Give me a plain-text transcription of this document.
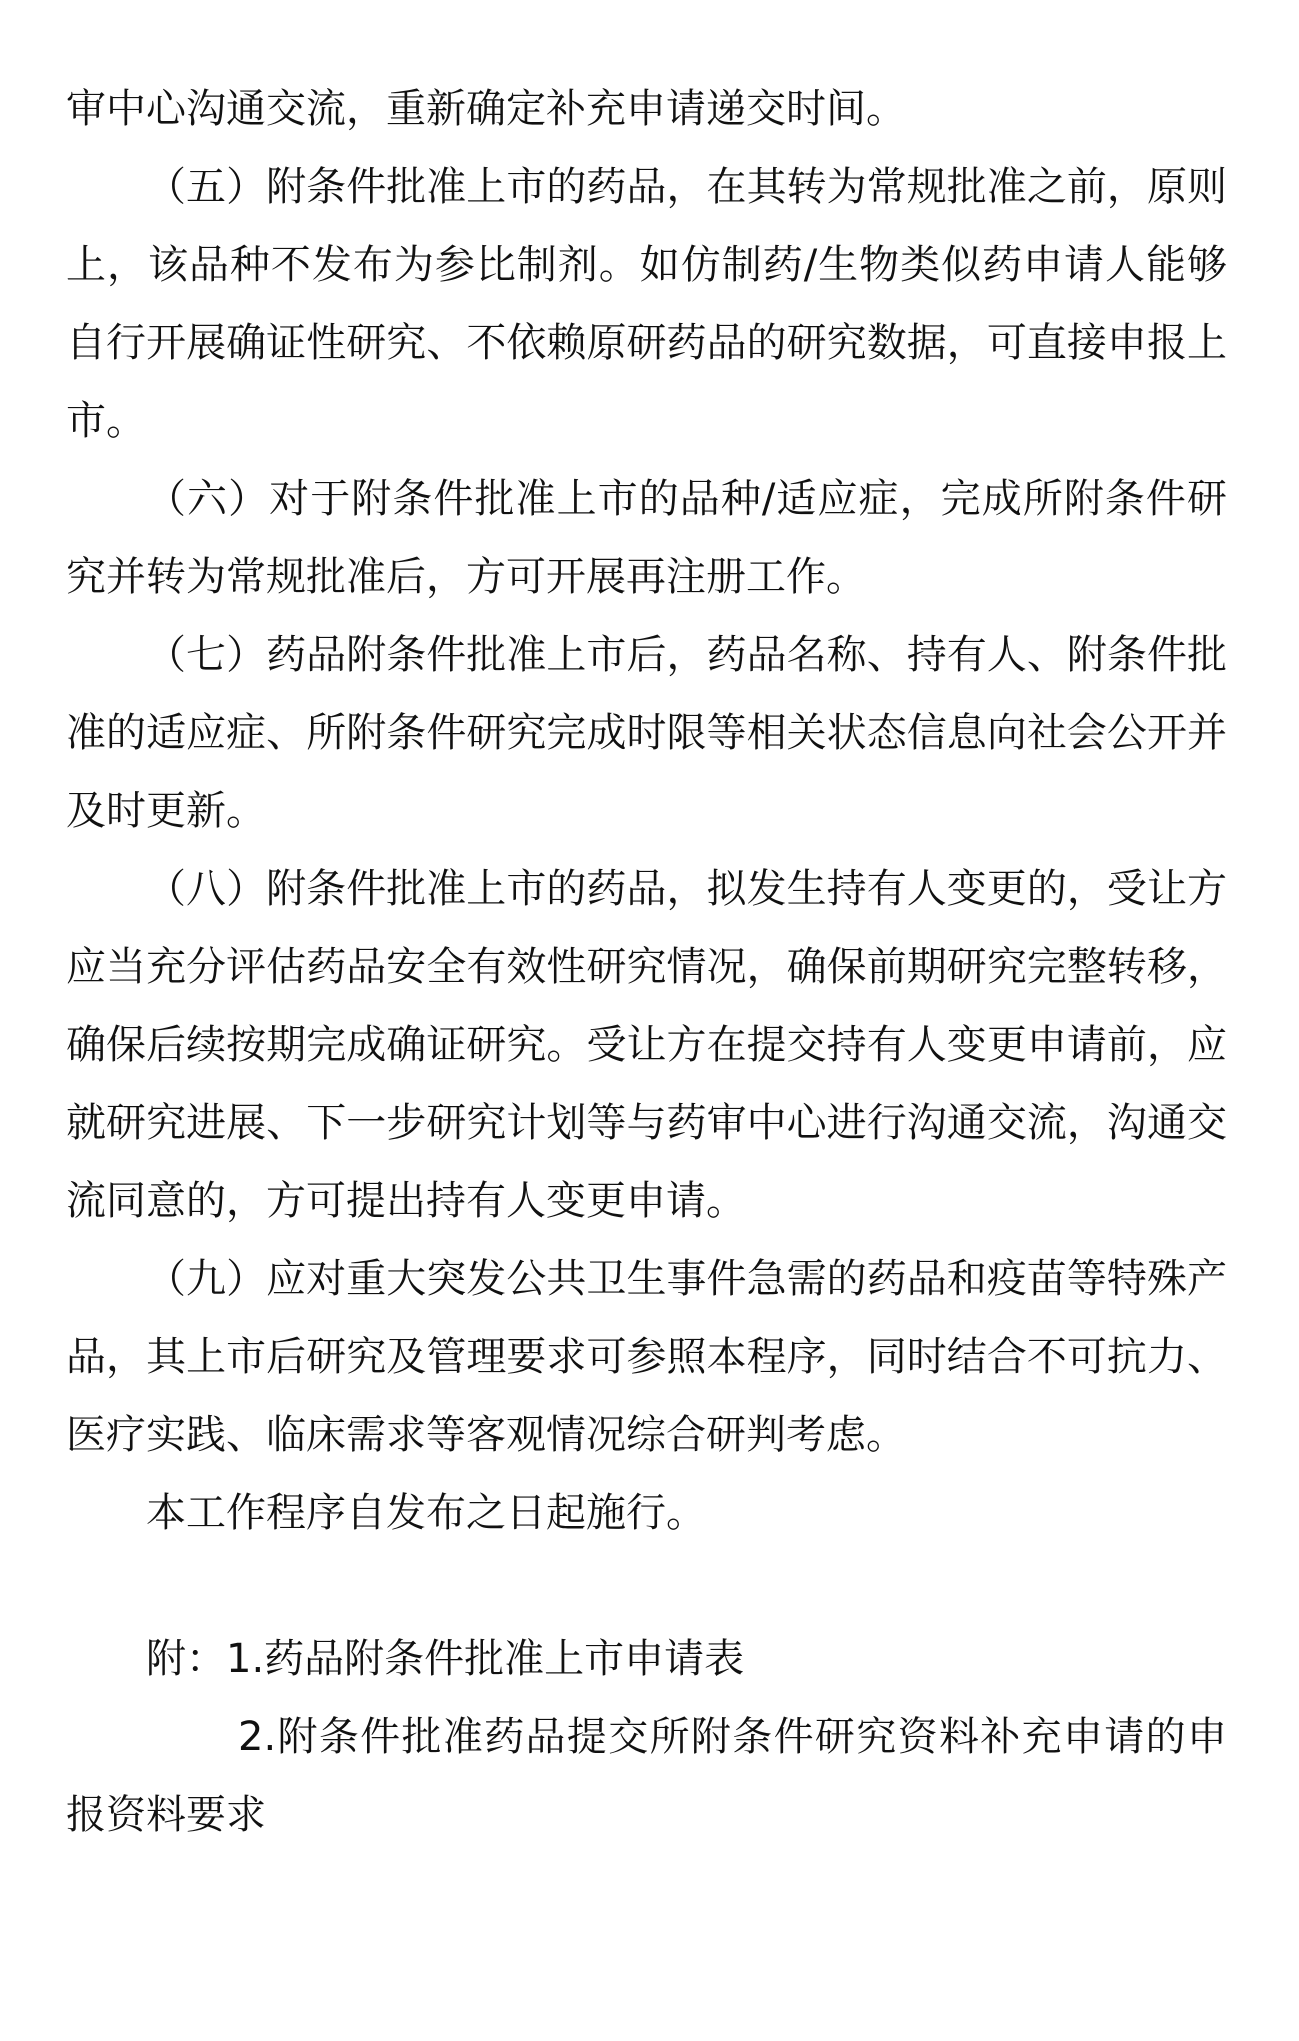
审中心沟通交流，重新确定补充申请递交时间。

（五）附条件批准上市的药品，在其转为常规批准之前，原则上，该品种不发布为参比制剂。如仿制药/生物类似药申请人能够自行开展确证性研究、不依赖原研药品的研究数据，可直接申报上市。

（六）对于附条件批准上市的品种/适应症，完成所附条件研究并转为常规批准后，方可开展再注册工作。

（七）药品附条件批准上市后，药品名称、持有人、附条件批准的适应症、所附条件研究完成时限等相关状态信息向社会公开并及时更新。

（八）附条件批准上市的药品，拟发生持有人变更的，受让方应当充分评估药品安全有效性研究情况，确保前期研究完整转移，确保后续按期完成确证研究。受让方在提交持有人变更申请前，应就研究进展、下一步研究计划等与药审中心进行沟通交流，沟通交流同意的，方可提出持有人变更申请。

（九）应对重大突发公共卫生事件急需的药品和疫苗等特殊产品，其上市后研究及管理要求可参照本程序，同时结合不可抗力、医疗实践、临床需求等客观情况综合研判考虑。

本工作程序自发布之日起施行。

附：1.药品附条件批准上市申请表

2.附条件批准药品提交所附条件研究资料补充申请的申报资料要求
